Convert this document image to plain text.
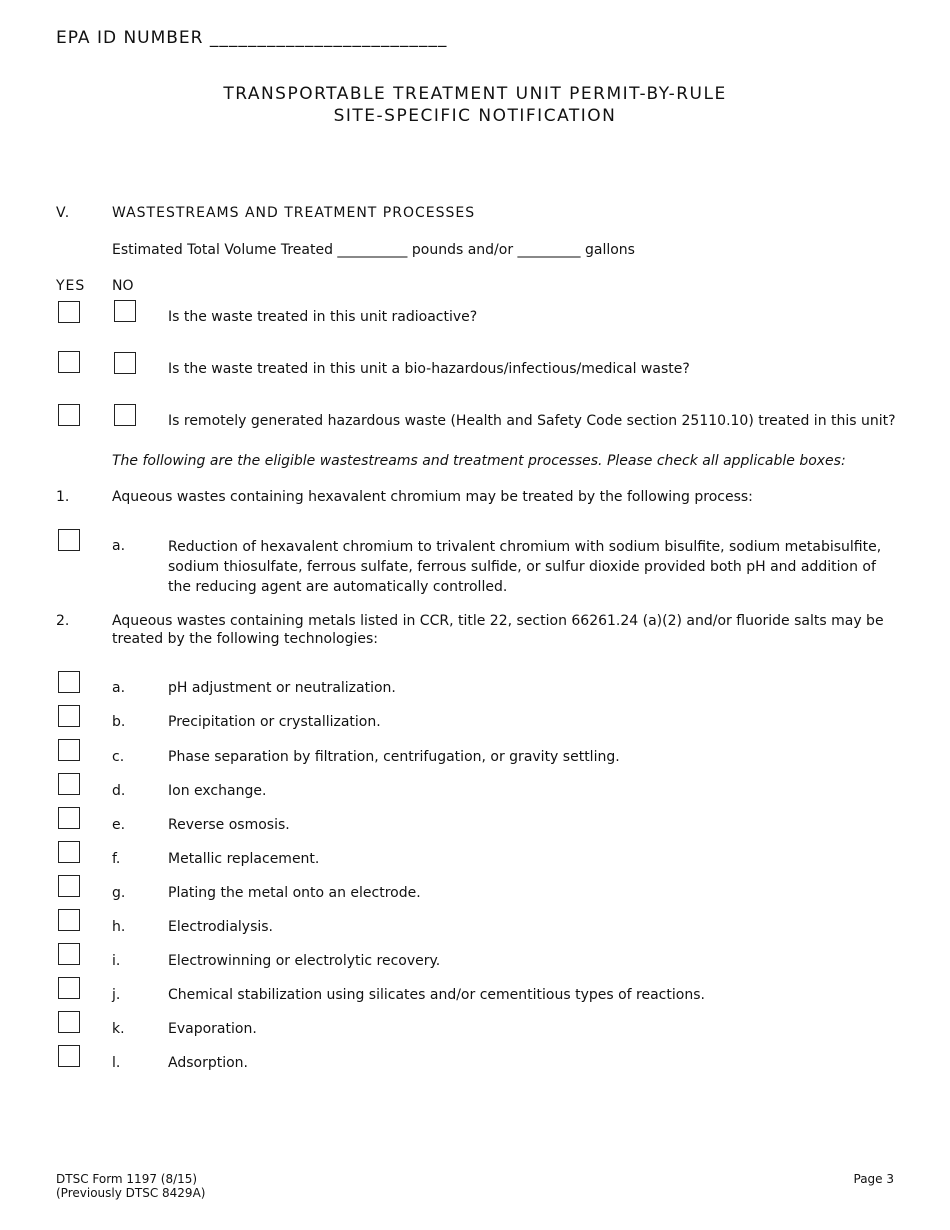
EPA ID NUMBER _________________________
TRANSPORTABLE TREATMENT UNIT PERMIT-BY-RULE
SITE-SPECIFIC NOTIFICATION
V.	WASTESTREAMS AND TREATMENT PROCESSES
Estimated Total Volume Treated __________ pounds and/or _________ gallons
YES NO
Is the waste treated in this unit radioactive?
Is the waste treated in this unit a bio-hazardous/infectious/medical waste?
Is remotely generated hazardous waste (Health and Safety Code section 25110.10) treated in this unit?
The following are the eligible wastestreams and treatment processes. Please check all applicable boxes:
1.	Aqueous wastes containing hexavalent chromium may be treated by the following process:
a.	Reduction of hexavalent chromium to trivalent chromium with sodium bisulfite, sodium metabisulfite, sodium thiosulfate, ferrous sulfate, ferrous sulfide, or sulfur dioxide provided both pH and addition of the reducing agent are automatically controlled.
2.	Aqueous wastes containing metals listed in CCR, title 22, section 66261.24 (a)(2) and/or fluoride salts may be treated by the following technologies:
a.	pH adjustment or neutralization.
b.	Precipitation or crystallization.
c.	Phase separation by filtration, centrifugation, or gravity settling.
d.	Ion exchange.
e.	Reverse osmosis.
f.	Metallic replacement.
g.	Plating the metal onto an electrode.
h.	Electrodialysis.
i.	Electrowinning or electrolytic recovery.
j.	Chemical stabilization using silicates and/or cementitious types of reactions.
k.	Evaporation.
l.	Adsorption.
DTSC Form 1197 (8/15)
(Previously DTSC 8429A)
Page 3
